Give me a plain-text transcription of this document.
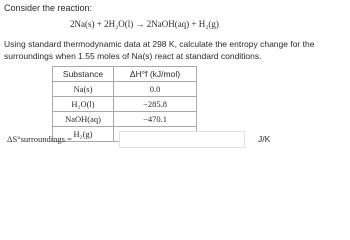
Consider the reaction:
2Na(s) + 2H₂O(l) → 2NaOH(aq) + H₂(g)
Using standard thermodynamic data at 298 K, calculate the entropy change for the surroundings when 1.55 moles of Na(s) react at standard conditions.
Substance	ΔH°f (kJ/mol)
Na(s)	0.0
H₂O(l)	−285.8
NaOH(aq)	−470.1
H₂(g)	
ΔS°surroundings =	J/K
